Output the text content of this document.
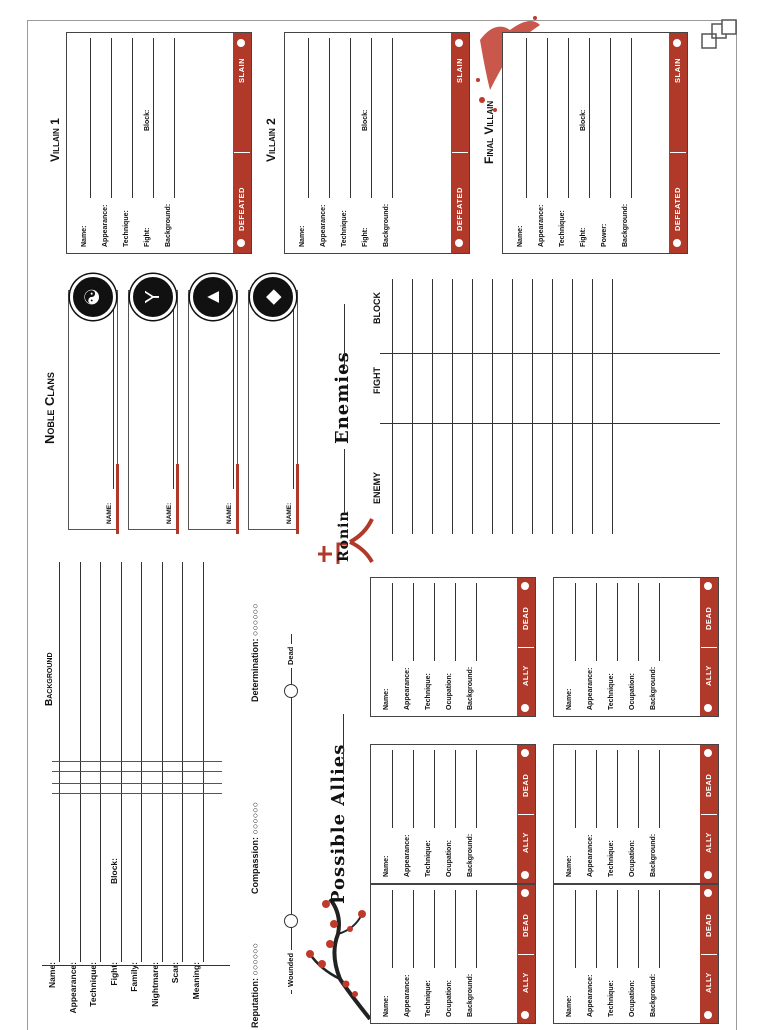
Background
Reputation: ○○○○○○
Compassion: ○○○○○○
Determination: ○○○○○○
Wounded
Dead
Possible Allies
Name: Appearance: Technique: Ocupation: Background:	ALLY
DEAD
Name: Appearance: Technique: Ocupation: Background:	ALLY
DEAD
Name: Appearance: Technique: Ocupation: Background:	ALLY
DEAD
Name: Appearance: Technique: Ocupation: Background:	ALLY
DEAD
Name: Appearance: Technique: Ocupation: Background:	ALLY
DEAD
Name: Appearance: Technique: Ocupation: Background:	ALLY
DEAD
Ronin
Noble Clans
NAME:
☯
NAME:
Y
NAME:
▲
NAME:
◆
Enemies
ENEMY
FIGHT
BLOCK
Villain 1
Name: Appearance: Technique: Fight: Background:
Block:
DEFEATED
SLAIN
Villain 2
Name: Appearance: Technique: Fight: Background:
Block:
DEFEATED
SLAIN
Final Villain
Name: Appearance: Technique: Fight: Power: Background:
Block:
DEFEATED
SLAIN
Name: Appearance: Technique: Fight: Family: Nightmare: Scar: Meaning:
Block:
